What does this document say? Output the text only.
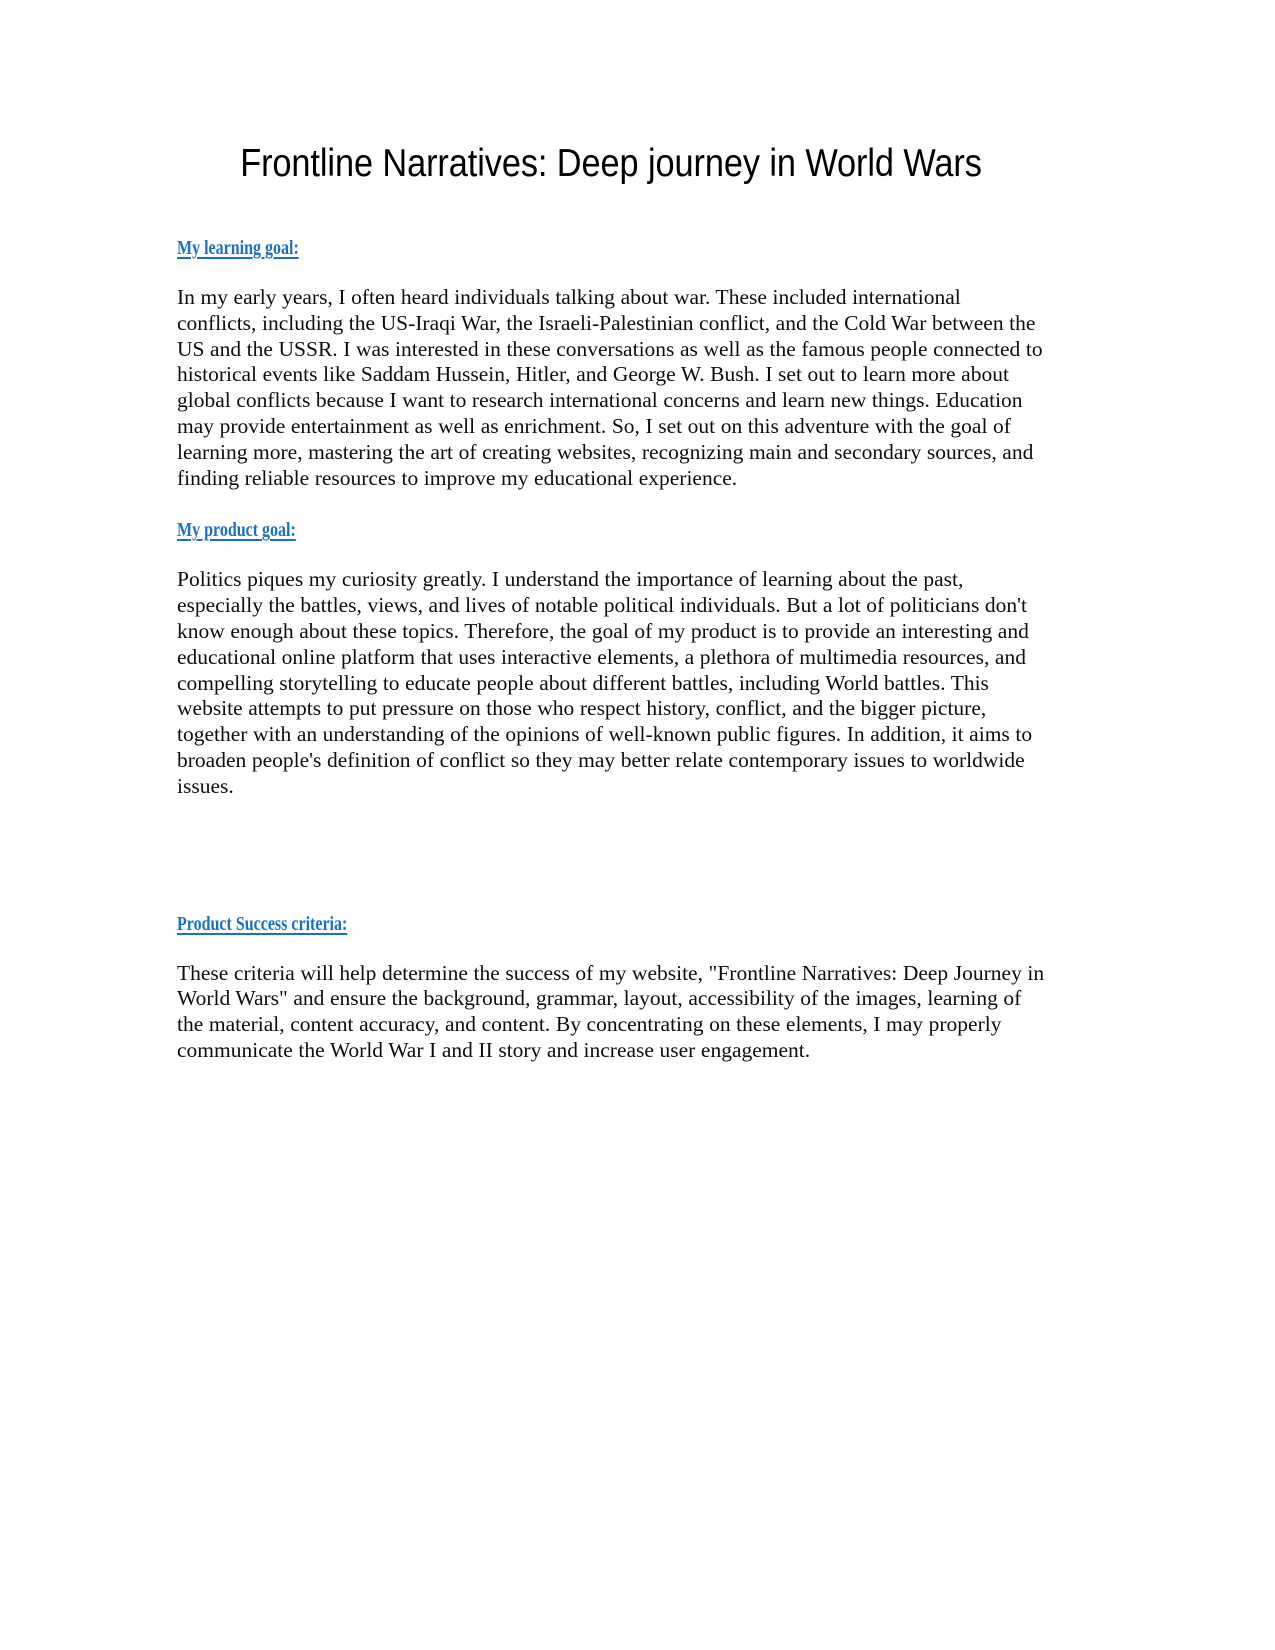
Frontline Narratives: Deep journey in World Wars

My learning goal:

In my early years, I often heard individuals talking about war. These included international conflicts, including the US-Iraqi War, the Israeli-Palestinian conflict, and the Cold War between the US and the USSR. I was interested in these conversations as well as the famous people connected to historical events like Saddam Hussein, Hitler, and George W. Bush. I set out to learn more about global conflicts because I want to research international concerns and learn new things. Education may provide entertainment as well as enrichment. So, I set out on this adventure with the goal of learning more, mastering the art of creating websites, recognizing main and secondary sources, and finding reliable resources to improve my educational experience.

My product goal:

Politics piques my curiosity greatly. I understand the importance of learning about the past, especially the battles, views, and lives of notable political individuals. But a lot of politicians don't know enough about these topics. Therefore, the goal of my product is to provide an interesting and educational online platform that uses interactive elements, a plethora of multimedia resources, and compelling storytelling to educate people about different battles, including World battles. This website attempts to put pressure on those who respect history, conflict, and the bigger picture, together with an understanding of the opinions of well-known public figures. In addition, it aims to broaden people's definition of conflict so they may better relate contemporary issues to worldwide issues.

Product Success criteria:

These criteria will help determine the success of my website, "Frontline Narratives: Deep Journey in World Wars" and ensure the background, grammar, layout, accessibility of the images, learning of the material, content accuracy, and content. By concentrating on these elements, I may properly communicate the World War I and II story and increase user engagement.
